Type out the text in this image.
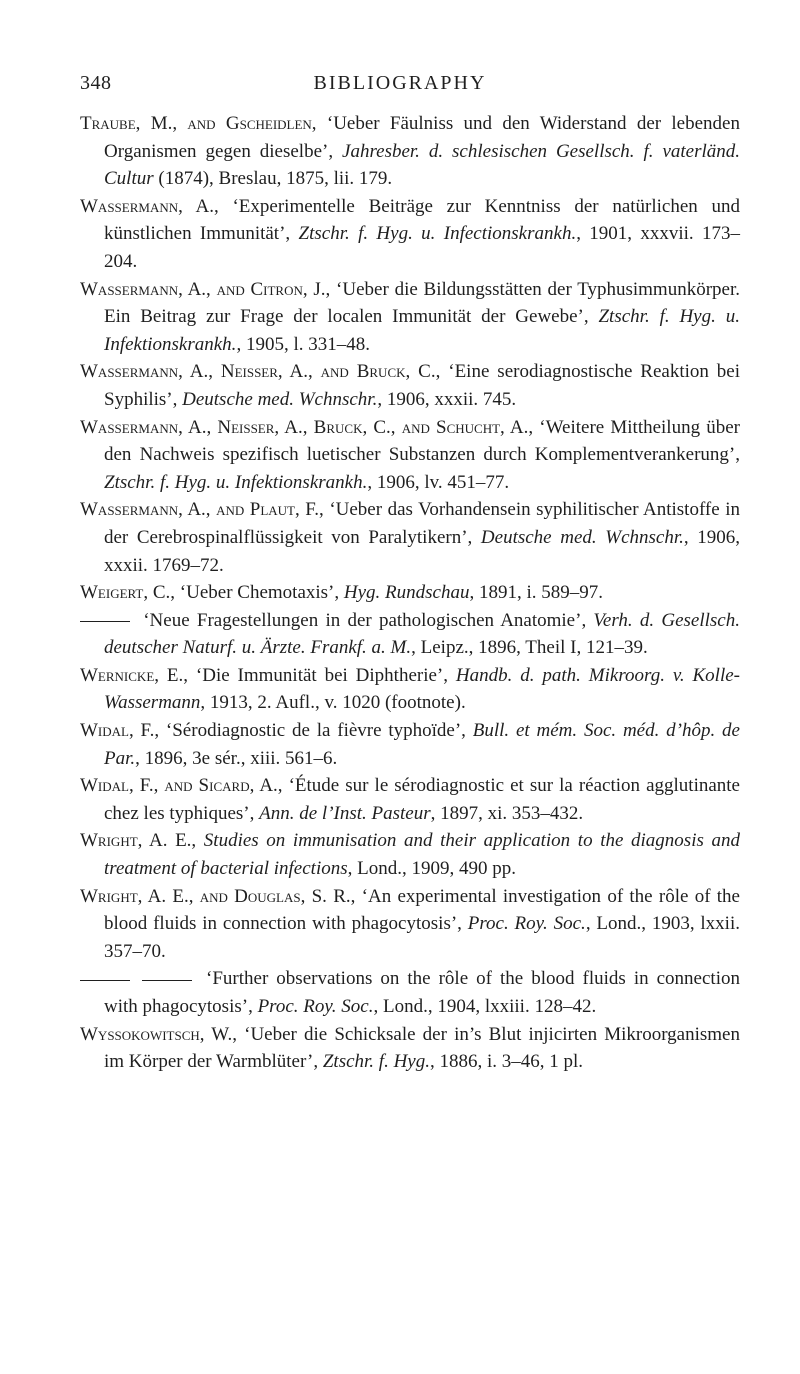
348	BIBLIOGRAPHY

Traube, M., and Gscheidlen, ‘Ueber Fäulniss und den Widerstand der lebenden Organismen gegen dieselbe’, Jahresber. d. schlesischen Gesellsch. f. vaterländ. Cultur (1874), Breslau, 1875, lii. 179.

Wassermann, A., ‘Experimentelle Beiträge zur Kenntniss der natürlichen und künstlichen Immunität’, Ztschr. f. Hyg. u. Infectionskrankh., 1901, xxxvii. 173–204.

Wassermann, A., and Citron, J., ‘Ueber die Bildungsstätten der Typhusimmunkörper. Ein Beitrag zur Frage der localen Immunität der Gewebe’, Ztschr. f. Hyg. u. Infektionskrankh., 1905, l. 331–48.

Wassermann, A., Neisser, A., and Bruck, C., ‘Eine serodiagnostische Reaktion bei Syphilis’, Deutsche med. Wchnschr., 1906, xxxii. 745.

Wassermann, A., Neisser, A., Bruck, C., and Schucht, A., ‘Weitere Mittheilung über den Nachweis spezifisch luetischer Substanzen durch Komplementverankerung’, Ztschr. f. Hyg. u. Infektionskrankh., 1906, lv. 451–77.

Wassermann, A., and Plaut, F., ‘Ueber das Vorhandensein syphilitischer Antistoffe in der Cerebrospinalflüssigkeit von Paralytikern’, Deutsche med. Wchnschr., 1906, xxxii. 1769–72.

Weigert, C., ‘Ueber Chemotaxis’, Hyg. Rundschau, 1891, i. 589–97.

‘Neue Fragestellungen in der pathologischen Anatomie’, Verh. d. Gesellsch. deutscher Naturf. u. Ärzte. Frankf. a. M., Leipz., 1896, Theil I, 121–39.

Wernicke, E., ‘Die Immunität bei Diphtherie’, Handb. d. path. Mikroorg. v. Kolle-Wassermann, 1913, 2. Aufl., v. 1020 (footnote).

Widal, F., ‘Sérodiagnostic de la fièvre typhoïde’, Bull. et mém. Soc. méd. d’hôp. de Par., 1896, 3e sér., xiii. 561–6.

Widal, F., and Sicard, A., ‘Étude sur le sérodiagnostic et sur la réaction agglutinante chez les typhiques’, Ann. de l’Inst. Pasteur, 1897, xi. 353–432.

Wright, A. E., Studies on immunisation and their application to the diagnosis and treatment of bacterial infections, Lond., 1909, 490 pp.

Wright, A. E., and Douglas, S. R., ‘An experimental investigation of the rôle of the blood fluids in connection with phagocytosis’, Proc. Roy. Soc., Lond., 1903, lxxii. 357–70.

‘Further observations on the rôle of the blood fluids in connection with phagocytosis’, Proc. Roy. Soc., Lond., 1904, lxxiii. 128–42.

Wyssokowitsch, W., ‘Ueber die Schicksale der in’s Blut injicirten Mikroorganismen im Körper der Warmblüter’, Ztschr. f. Hyg., 1886, i. 3–46, 1 pl.
